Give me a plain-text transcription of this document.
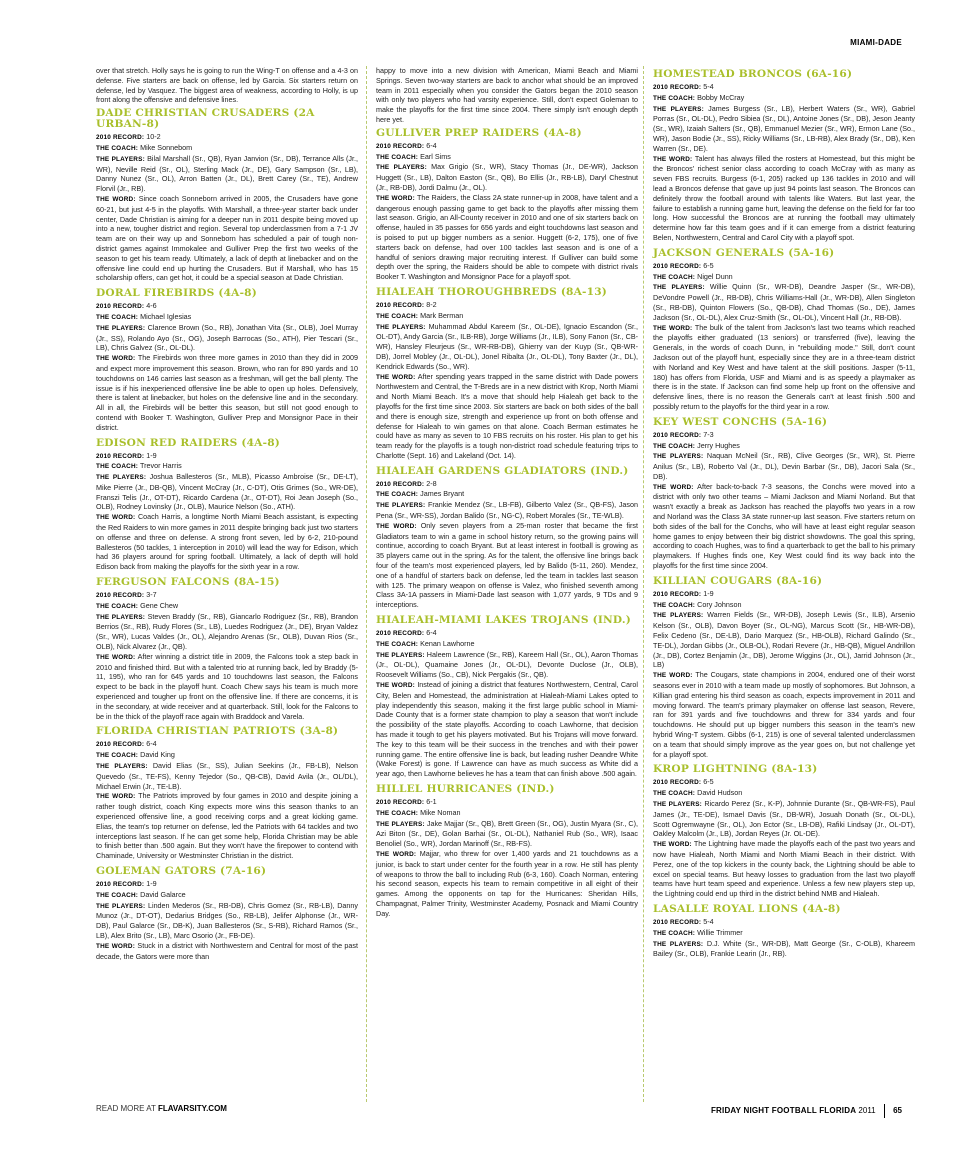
MIAMI-DADE

over that stretch. Holly says he is going to run the Wing-T on offense and a 4-3 on defense. Five starters are back on offense, led by Garcia. Six starters return on defense, led by Vasquez. The biggest area of weakness, according to Holly, is up front along the offensive and defensive lines.

DADE CHRISTIAN CRUSADERS (2A URBAN-8)

2010 RECORD: 10-2

THE COACH: Mike Sonnebom

THE PLAYERS: Bilal Marshall (Sr., QB), Ryan Janvion (Sr., DB), Terrance Alls (Jr., WR), Neville Reid (Sr., OL), Sterling Mack (Jr., DE), Gary Sampson (Sr., LB), Danny Nunez (Sr., OL), Arron Batten (Jr., DL), Brett Carey (Sr., TE), Andrew Florvil (Jr., RB).

THE WORD: Since coach Sonneborn arrived in 2005, the Crusaders have gone 60-21, but just 4-5 in the playoffs. With Marshall, a three-year starter back under center, Dade Christian is aiming for a deeper run in 2011 despite being moved up into a new, tougher district and region. Several top underclassmen from a 7-1 JV team are on their way up and Sonneborn has scheduled a pair of tough non-district games against Immokalee and Gulliver Prep the first two weeks of the season to get his team ready. Ultimately, a lack of depth at linebacker and on the offensive line could end up hurting the Crusaders. But if Marshall, who has 15 scholarship offers, can get hot, it could be a special season at Dade Christian.

DORAL FIREBIRDS (4A-8)

2010 RECORD: 4-6

THE COACH: Michael Iglesias

THE PLAYERS: Clarence Brown (So., RB), Jonathan Vita (Sr., OLB), Joel Murray (Jr., SS), Rolando Ayo (Sr., OG), Joseph Barrocas (So., ATH), Pier Tescari (Sr., LB), Chris Galvez (Sr., OL-DL).

THE WORD: The Firebirds won three more games in 2010 than they did in 2009 and expect more improvement this season. Brown, who ran for 890 yards and 10 touchdowns on 146 carries last season as a freshman, will get the ball plenty. The issue is if his inexperienced offensive line be able to open up holes. Defensively, there is talent at linebacker, but holes on the defensive line and in the secondary. All in all, the Firebirds will be better this season, but still not good enough to contend with Booker T. Washington, Gulliver Prep and Monsignor Pace in their district.

EDISON RED RAIDERS (4A-8)

2010 RECORD: 1-9

THE COACH: Trevor Harris

THE PLAYERS: Joshua Ballesteros (Sr., MLB), Picasso Ambroise (Sr., DE-LT), Mike Pierre (Jr., DB-QB), Vincent McCray (Jr., C-DT), Otis Grimes (So., WR-DE), Franszi Telis (Jr., OT-DT), Ricardo Cardena (Jr., OT-DT), Roi Jean Joseph (So., OLB), Rodney Lovinsky (Jr., OLB), Maurice Nelson (So., ATH).

THE WORD: Coach Harris, a longtime North Miami Beach assistant, is expecting the Red Raiders to win more games in 2011 despite bringing back just two starters on offense and three on defense. A strong front seven, led by 6-2, 210-pound Ballesteros (50 tackles, 1 interception in 2010) will lead the way for Edison, which had 36 players around for spring football. Ultimately, a lack of depth will hold Edison back from making the playoffs for the sixth year in a row.

FERGUSON FALCONS (8A-15)

2010 RECORD: 3-7

THE COACH: Gene Chew

THE PLAYERS: Steven Braddy (Sr., RB), Giancarlo Rodriguez (Sr., RB), Brandon Berrios (Sr., RB), Rudy Flores (Sr., LB), Luedes Rodriguez (Jr., DE), Bryan Valdez (Sr., WR), Lucas Valdes (Jr., OL), Alejandro Arenas (Sr., OLB), Duvan Rios (Sr., OLB), Nick Alvarez (Jr., QB).

THE WORD: After winning a district title in 2009, the Falcons took a step back in 2010 and finished third. But with a talented trio at running back, led by Braddy (5-11, 195), who ran for 645 yards and 10 touchdowns last season, the Falcons expect to be back in the playoff hunt. Coach Chew says his team is much more experienced and tougher up front on the offensive line. If there are concerns, it is in the secondary, at wide receiver and at quarterback. Still, look for the Falcons to be in the thick of the playoff race again with Braddock and Varela.

FLORIDA CHRISTIAN PATRIOTS (3A-8)

2010 RECORD: 6-4

THE COACH: David King

THE PLAYERS: David Elias (Sr., SS), Julian Seekins (Jr., FB-LB), Nelson Quevedo (Sr., TE-FS), Kenny Tejedor (So., QB-CB), David Avila (Jr., OL/DL), Michael Erwin (Jr., TE-LB).

THE WORD: The Patriots improved by four games in 2010 and despite joining a rather tough district, coach King expects more wins this season thanks to an experienced offensive line, a good receiving corps and a great kicking game. Elias, the team's top returner on defense, led the Patriots with 64 tackles and two interceptions last season. If he can get some help, Florida Christian may be able to finish better than .500 again. But they won't have the firepower to contend with Chaminade, University or Westminster Christian in the district.

GOLEMAN GATORS (7A-16)

2010 RECORD: 1-9

THE COACH: David Galarce

THE PLAYERS: Linden Mederos (Sr., RB-DB), Chris Gomez (Sr., RB-LB), Danny Munoz (Jr., DT-OT), Dedarius Bridges (So., RB-LB), Jelifer Alphonse (Jr., WR-DB), Paul Galarce (Sr., DB-K), Juan Ballesteros (Sr., S-RB), Richard Ramos (Sr., LB), Alex Brito (Sr., LB), Marc Osorio (Jr., FB-DE).

THE WORD: Stuck in a district with Northwestern and Central for most of the past decade, the Gators were more than

happy to move into a new division with American, Miami Beach and Miami Springs. Seven two-way starters are back to anchor what should be an improved team in 2011 especially when you consider the Gators began the 2010 season with only two players who had varsity experience. Still, don't expect Goleman to make the playoffs for the first time since 2004. There simply isn't enough depth here yet.

GULLIVER PREP RAIDERS (4A-8)

2010 RECORD: 6-4

THE COACH: Earl Sims

THE PLAYERS: Max Grigio (Sr., WR), Stacy Thomas (Jr., DE-WR), Jackson Huggett (Sr., LB), Dalton Easton (Sr., QB), Bo Ellis (Jr., RB-LB), Daryl Chestnut (Jr., RB-DB), Jordi Dalmu (Jr., OL).

THE WORD: The Raiders, the Class 2A state runner-up in 2008, have talent and a dangerous enough passing game to get back to the playoffs after missing them last season. Grigio, an All-County receiver in 2010 and one of six starters back on offense, hauled in 35 passes for 656 yards and eight touchdowns last season and is poised to put up bigger numbers as a senior. Huggett (6-2, 175), one of five starters back on defense, had over 100 tackles last season and is one of a handful of seniors drawing major recruiting interest. If Gulliver can build some depth over the spring, the Raiders should be able to compete with district rivals Booker T. Washington and Monsignor Pace for a playoff spot.

HIALEAH THOROUGHBREDS (8A-13)

2010 RECORD: 8-2

THE COACH: Mark Berman

THE PLAYERS: Muhammad Abdul Kareem (Sr., OL-DE), Ignacio Escandon (Sr., OL-DT), Andy Garcia (Sr., ILB-RB), Jorge Williams (Jr., ILB), Sony Fanon (Sr., CB-WR), Hansley Fleurjeus (Sr., WR-RB-DB), Ghierry van der Kuyp (Sr., QB-WR-DB), Jorrel Mobley (Jr., OL-DL), Jonel Ribalta (Jr., OL-DL), Tony Baxter (Jr., DL), Kendrick Edwards (So., WR).

THE WORD: After spending years trapped in the same district with Dade powers Northwestern and Central, the T-Breds are in a new district with Krop, North Miami and North Miami Beach. It's a move that should help Hialeah get back to the playoffs for the first time since 2003. Six starters are back on both sides of the ball and there is enough size, strength and experience up front on both offense and defense for Hialeah to win games on that alone. Coach Berman estimates he could have as many as seven to 10 FBS recruits on his roster. His plan to get his team ready for the playoffs is a tough non-district road schedule featuring trips to Charlotte (Sept. 16) and Lakeland (Oct. 14).

HIALEAH GARDENS GLADIATORS (IND.)

2010 RECORD: 2-8

THE COACH: James Bryant

THE PLAYERS: Frankie Mendez (Sr., LB-FB), Gilberto Valez (Sr., QB-FS), Jason Pena (Sr., WR-SS), Jordan Balido (Sr., NG-C), Robert Morales (Sr., TE-WLB).

THE WORD: Only seven players from a 25-man roster that became the first Gladiators team to win a game in school history return, so the growing pains will continue, according to coach Bryant. But at least interest in football is growing as 35 players came out in the spring. As for the talent, the offensive line brings back four of the team's most experienced players, led by Balido (5-11, 260). Mendez, one of a handful of starters back on defense, led the team in tackles last season with 125. The primary weapon on offense is Valez, who finished seventh among Class 3A-1A passers in Miami-Dade last season with 1,077 yards, 9 TDs and 9 interceptions.

HIALEAH-MIAMI LAKES TROJANS (IND.)

2010 RECORD: 6-4

THE COACH: Kenan Lawhorne

THE PLAYERS: Haleem Lawrence (Sr., RB), Kareem Hall (Sr., OL), Aaron Thomas (Jr., OL-DL), Quamaine Jones (Jr., OL-DL), Devonte Duclose (Jr., OLB), Roosevelt Williams (So., CB), Nick Pergakis (Sr., QB).

THE WORD: Instead of joining a district that features Northwestern, Central, Carol City, Belen and Homestead, the administration at Hialeah-Miami Lakes opted to play independently this season, making it the first large public school in Miami-Dade County that is a former state champion to play a season that won't include the possibility of the state playoffs. According to coach Lawhorne, that decision has made it tough to get his players motivated. But his Trojans will move forward. The key to this team will be their success in the trenches and with their power running game. The entire offensive line is back, but leading rusher Deandre White (Wake Forest) is gone. If Lawrence can have as much success as White did a year ago, then Lawhorne believes he has a team that can finish above .500 again.

HILLEL HURRICANES (IND.)

2010 RECORD: 6-1

THE COACH: Mike Noman

THE PLAYERS: Jake Majjar (Sr., QB), Brett Green (Sr., OG), Justin Myara (Sr., C), Azi Biton (Sr., DE), Golan Barhai (Sr., OL-DL), Nathaniel Rub (So., WR), Isaac Benoliel (So., WR), Jordan Marinoff (Sr., RB-FS).

THE WORD: Majjar, who threw for over 1,400 yards and 21 touchdowns as a junior, is back to start under center for the fourth year in a row. He still has plenty of weapons to throw the ball to including Rub (6-3, 160). Coach Norman, entering his second season, expects his team to remain competitive in all eight of their games. Among the opponents on tap for the Hurricanes: Sheridan Hills, Champagnat, Palmer Trinity, Westminster Academy, Posnack and Miami Country Day.

HOMESTEAD BRONCOS (6A-16)

2010 RECORD: 5-4

THE COACH: Bobby McCray

THE PLAYERS: James Burgess (Sr., LB), Herbert Waters (Sr., WR), Gabriel Porras (Sr., OL-DL), Pedro Sibiea (Sr., DL), Antoine Jones (Sr., DB), Jeson Jeanty (Sr., WR), Izaiah Salters (Sr., QB), Emmanuel Mezier (Sr., WR), Ermon Lane (So., WR), Jason Bodie (Jr., SS), Ricky Williams (Sr., LB-RB), Alex Brady (Sr., DB), Ken Warren (Sr., DE).

THE WORD: Talent has always filled the rosters at Homestead, but this might be the Broncos' richest senior class according to coach McCray with as many as seven FBS recruits. Burgess (6-1, 205) racked up 136 tackles in 2010 and will lead a Broncos defense that gave up just 94 points last season. The Broncos can definitely throw the football around with talents like Waters. But last year, the failure to establish a running game hurt, leaving the defense on the field for far too long. How successful the Broncos are at running the football may ultimately determine how far this team goes and if it can emerge from a district featuring Belen, Northwestern, Central and Carol City with a playoff spot.

JACKSON GENERALS (5A-16)

2010 RECORD: 6-5

THE COACH: Nigel Dunn

THE PLAYERS: Willie Quinn (Sr., WR-DB), Deandre Jasper (Sr., WR-DB), DeVondre Powell (Jr., RB-DB), Chris Williams-Hall (Jr., WR-DB), Allen Singleton (Sr., RB-DB), Quinton Flowers (So., QB-DB), Chad Thomas (So., DE), James Jackson (Sr., OL-DL), Alex Cruz-Smith (Sr., OL-DL), Vincent Hall (Jr., RB-DB).

THE WORD: The bulk of the talent from Jackson's last two teams which reached the playoffs either graduated (13 seniors) or transferred (five), leaving the Generals, in the words of coach Dunn, in "rebuilding mode." Still, don't count Jackson out of the playoff hunt, especially since they are in a three-team district with Norland and Key West and have talent at the skill positions. Jasper (5-11, 180) has offers from Florida, USF and Miami and is as speedy a playmaker as there is in the state. If Jackson can find some help up front on the offensive and defensive lines, there is no reason the Generals can't at least finish .500 and possibly return to the playoffs for the third year in a row.

KEY WEST CONCHS (5A-16)

2010 RECORD: 7-3

THE COACH: Jerry Hughes

THE PLAYERS: Naquan McNeil (Sr., RB), Clive Georges (Sr., WR), St. Pierre Anilus (Sr., LB), Roberto Val (Jr., DL), Devin Barbar (Sr., DB), Jacori Sala (Sr., DB).

THE WORD: After back-to-back 7-3 seasons, the Conchs were moved into a district with only two other teams – Miami Jackson and Miami Norland. But that wasn't exactly a break as Jackson has reached the playoffs two years in a row and Norland was the Class 3A state runner-up last season. Five starters return on both sides of the ball for the Conchs, who will have at least eight regular season home games to enjoy between their big district showdowns. The goal this spring, according to coach Hughes, was to find a quarterback to get the ball to his primary playmakers. If Hughes finds one, Key West could find its way back into the playoffs for the first time since 2004.

KILLIAN COUGARS (8A-16)

2010 RECORD: 1-9

THE COACH: Cory Johnson

THE PLAYERS: Warren Fields (Sr., WR-DB), Joseph Lewis (Sr., ILB), Arsenio Kelson (Sr., OLB), Davon Boyer (Sr., OL-NG), Marcus Scott (Sr., HB-WR-DB), Felix Cedeno (Sr., DE-LB), Dario Marquez (Sr., HB-OLB), Richard Galindo (Sr., TE-DL), Jordan Gibbs (Jr., OLB-OL), Rodari Revere (Jr., HB-QB), Miguel Andrillon (Jr., DB), Cortez Benjamin (Jr., DB), Jerome Wiggins (Jr., OL), Jarrid Johnson (Jr., LB)

THE WORD: The Cougars, state champions in 2004, endured one of their worst seasons ever in 2010 with a team made up mostly of sophomores. But Johnson, a Killian grad entering his third season as coach, expects improvement in 2011 and moving forward. The team's primary playmaker on offense last season, Revere, ran for 391 yards and five touchdowns and threw for 334 yards and four touchdowns. He should put up bigger numbers this season in the team's new hybrid Wing-T system. Gibbs (6-1, 215) is one of several talented underclassmen on a team that should simply improve as the year goes on, but not challenge yet for a playoff spot.

KROP LIGHTNING (8A-13)

2010 RECORD: 6-5

THE COACH: David Hudson

THE PLAYERS: Ricardo Perez (Sr., K-P), Johnnie Durante (Sr., QB-WR-FS), Paul James (Jr., TE-DE), Ismael Davis (Sr., DB-WR), Josuah Donath (Sr., OL-DL), Scott Ogremwayne (Sr., OL), Jon Ector (Sr., LB-DB), Rafiki Lindsay (Jr., OL-DT), Oakley Malcolm (Jr., LB), Jordan Reyes (Jr. OL-DE).

THE WORD: The Lightning have made the playoffs each of the past two years and now have Hialeah, North Miami and North Miami Beach in their district. With Perez, one of the top kickers in the county back, the Lightning should be able to excel on special teams. But heavy losses to graduation from the last two playoff teams have hurt team speed and experience. Unless a few new players step up, the Lightning could end up third in the district behind NMB and Hialeah.

LASALLE ROYAL LIONS (4A-8)

2010 RECORD: 5-4

THE COACH: Willie Trimmer

THE PLAYERS: D.J. White (Sr., WR-DB), Matt George (Sr., C-OLB), Khareem Bailey (Sr., OLB), Frankie Learin (Jr., RB).

READ MORE AT FLAVARSITY.COM	FRIDAY NIGHT FOOTBALL FLORIDA 2011 65
